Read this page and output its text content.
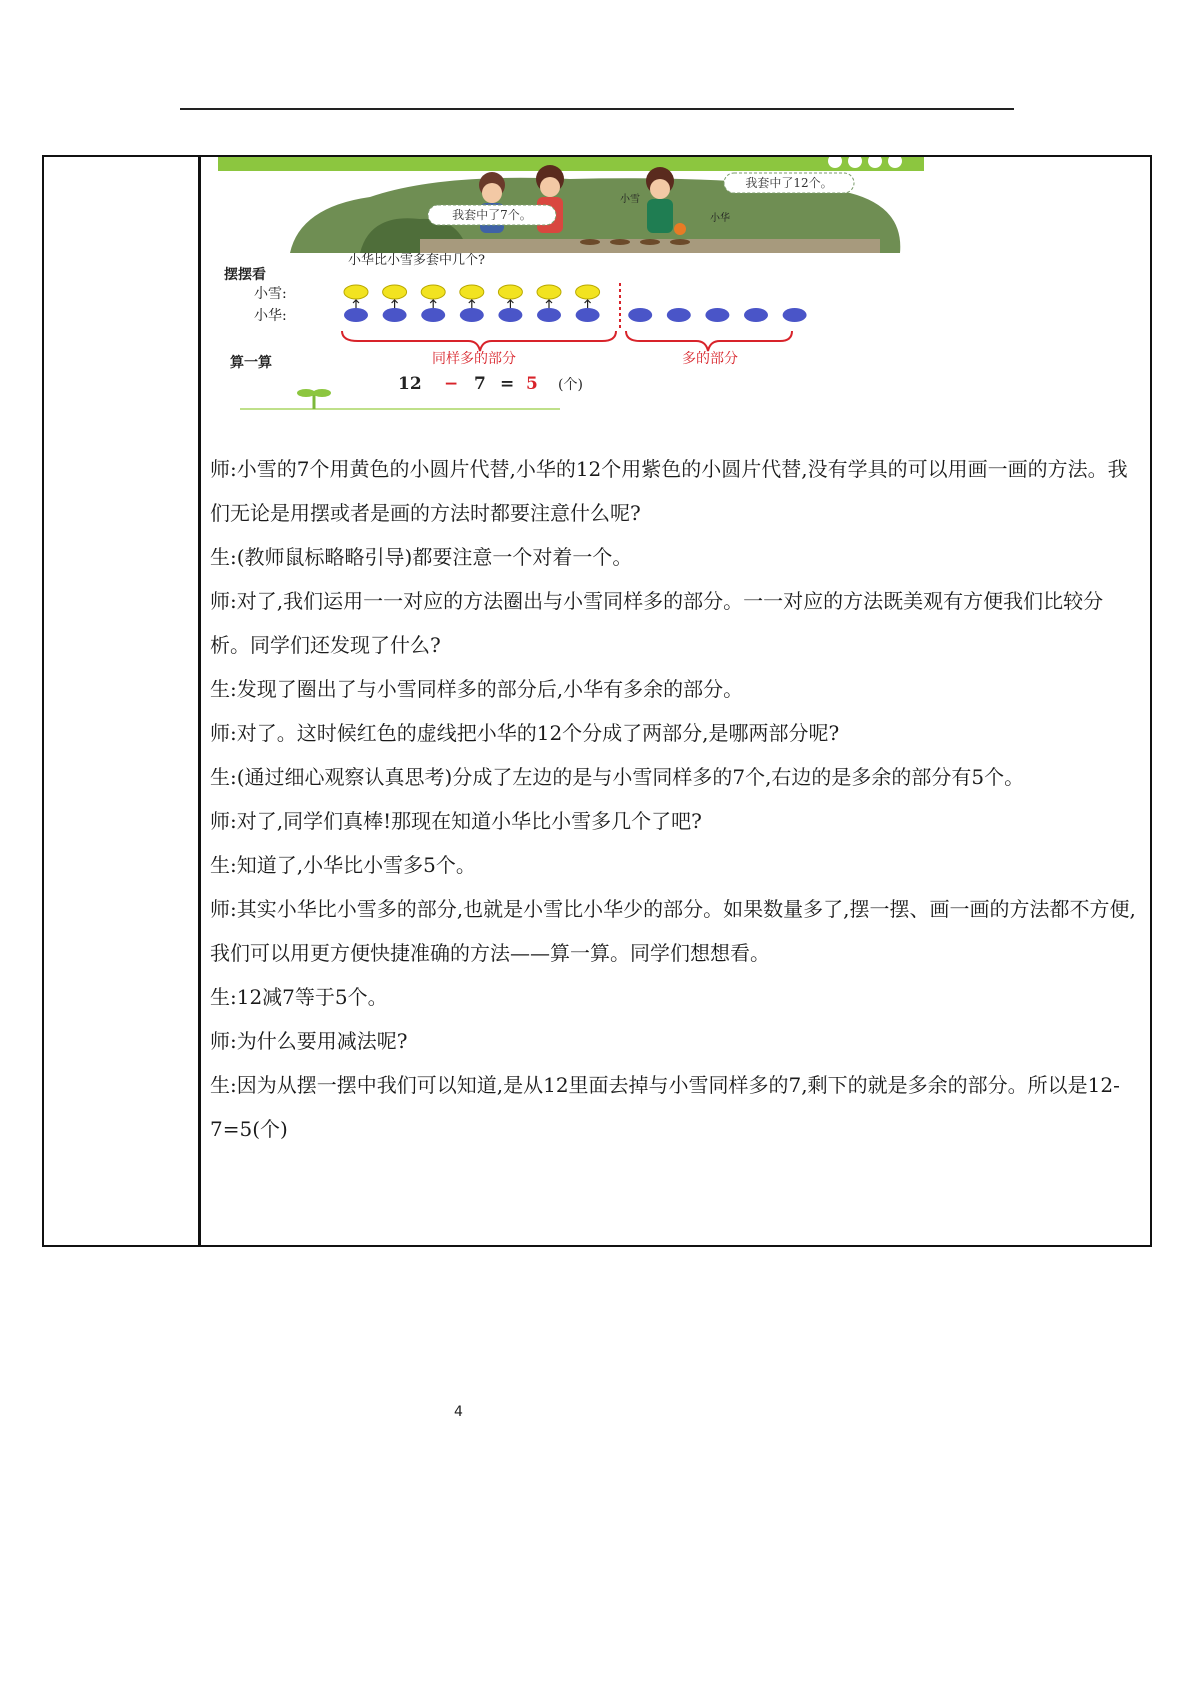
我套中了7个。
我套中了12个。
小雪
小华
小华比小雪多套中几个?
摆摆看
小雪:
小华:
同样多的部分	多的部分
算一算
12 − 7 = 5 (个)

师:小雪的7个用黄色的小圆片代替,小华的12个用紫色的小圆片代替,没有学具的可以用画一画的方法。我们无论是用摆或者是画的方法时都要注意什么呢?

生:(教师鼠标略略引导)都要注意一个对着一个。

师:对了,我们运用一一对应的方法圈出与小雪同样多的部分。一一对应的方法既美观有方便我们比较分析。同学们还发现了什么?

生:发现了圈出了与小雪同样多的部分后,小华有多余的部分。

师:对了。这时候红色的虚线把小华的12个分成了两部分,是哪两部分呢?

生:(通过细心观察认真思考)分成了左边的是与小雪同样多的7个,右边的是多余的部分有5个。

师:对了,同学们真棒!那现在知道小华比小雪多几个了吧?

生:知道了,小华比小雪多5个。

师:其实小华比小雪多的部分,也就是小雪比小华少的部分。如果数量多了,摆一摆、画一画的方法都不方便,我们可以用更方便快捷准确的方法——算一算。同学们想想看。

生:12减7等于5个。

师:为什么要用减法呢?

生:因为从摆一摆中我们可以知道,是从12里面去掉与小雪同样多的7,剩下的就是多余的部分。所以是12-7=5(个)

4
